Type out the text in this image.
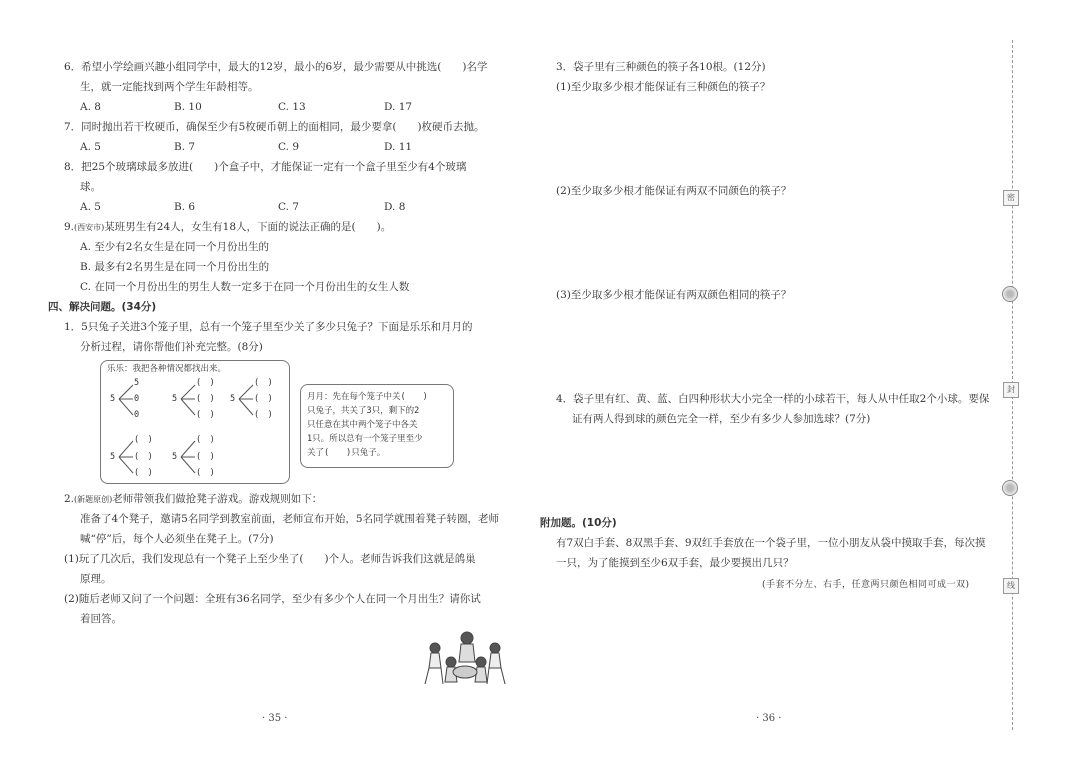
6．希望小学绘画兴趣小组同学中，最大的12岁，最小的6岁，最少需要从中挑选(　　)名学
生，就一定能找到两个学生年龄相等。
A. 8	B. 10	C. 13	D. 17
7．同时抛出若干枚硬币，确保至少有5枚硬币朝上的面相同，最少要拿(　　)枚硬币去抛。
A. 5	B. 7	C. 9	D. 11
8．把25个玻璃球最多放进(　　)个盒子中，才能保证一定有一个盒子里至少有4个玻璃
球。
A. 5	B. 6	C. 7	D. 8
9.(西安市)某班男生有24人，女生有18人，下面的说法正确的是(　　)。
A. 至少有2名女生是在同一个月份出生的
B. 最多有2名男生是在同一个月份出生的
C. 在同一个月份出生的男生人数一定多于在同一个月份出生的女生人数
四、解决问题。(34分)
1．5只兔子关进3个笼子里，总有一个笼子里至少关了多少只兔子？下面是乐乐和月月的
分析过程，请你帮他们补充完整。(8分)
乐乐：我把各种情况都找出来。
5
5
0
0
5
(　)
(　)
(　)
5
(　)
(　)
(　)
5
(　)
(　)
(　)
5
(　)
(　)
(　)
月月：先在每个笼子中关(　　)
只兔子，共关了3只，剩下的2
只任意在其中两个笼子中各关
1只。所以总有一个笼子里至少
关了(　　)只兔子。
2.(新题原创)老师带领我们做抢凳子游戏。游戏规则如下：
准备了4个凳子，邀请5名同学到教室前面，老师宣布开始，5名同学就围着凳子转圈，老师
喊“停”后，每个人必须坐在凳子上。(7分)
(1)玩了几次后，我们发现总有一个凳子上至少坐了(　　)个人。老师告诉我们这就是鸽巢
原理。
(2)随后老师又问了一个问题：全班有36名同学，至少有多少个人在同一个月出生？请你试
着回答。
· 35 ·
3．袋子里有三种颜色的筷子各10根。(12分)
(1)至少取多少根才能保证有三种颜色的筷子？
(2)至少取多少根才能保证有两双不同颜色的筷子？
(3)至少取多少根才能保证有两双颜色相同的筷子？
4．袋子里有红、黄、蓝、白四种形状大小完全一样的小球若干，每人从中任取2个小球。要保
证有两人得到球的颜色完全一样，至少有多少人参加选球？(7分)
附加题。(10分)
有7双白手套、8双黑手套、9双红手套放在一个袋子里，一位小朋友从袋中摸取手套，每次摸
一只，为了能摸到至少6双手套，最少要摸出几只？
(手套不分左、右手，任意两只颜色相同可成一双)
· 36 ·
密
封
线
